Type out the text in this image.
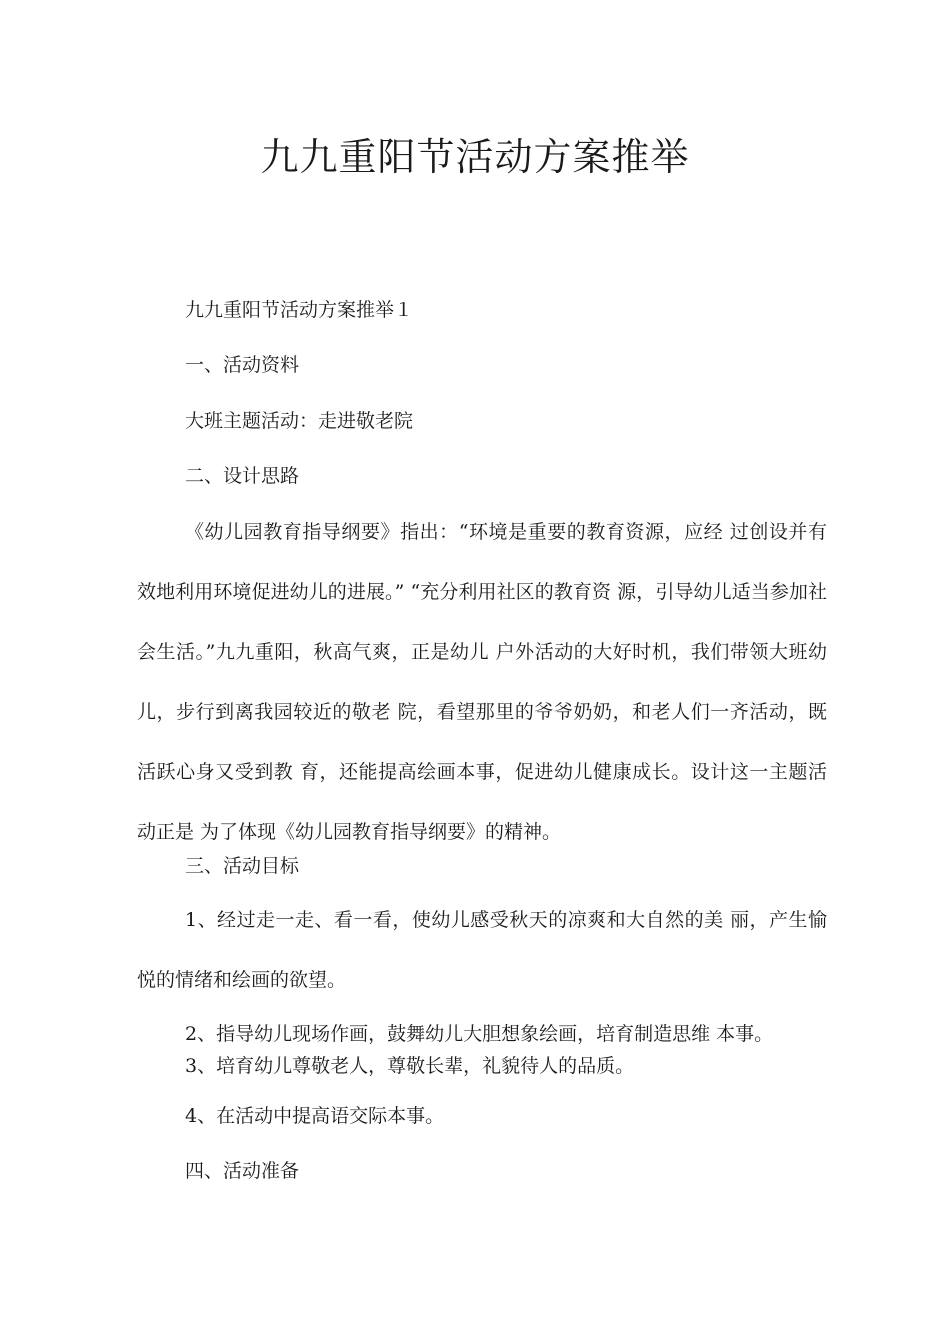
九九重阳节活动方案推举
九九重阳节活动方案推举１
一、活动资料
大班主题活动：走进敬老院
二、设计思路

《幼儿园教育指导纲要》指出：“环境是重要的教育资源，应经 过创设并有效地利用环境促进幼儿的进展。” “充分利用社区的教育资 源，引导幼儿适当参加社会生活。”九九重阳，秋高气爽，正是幼儿 户外活动的大好时机，我们带领大班幼儿，步行到离我园较近的敬老 院，看望那里的爷爷奶奶，和老人们一齐活动，既活跃心身又受到教 育，还能提高绘画本事，促进幼儿健康成长。设计这一主题活动正是 为了体现《幼儿园教育指导纲要》的精神。

三、活动目标

1、经过走一走、看一看，使幼儿感受秋天的凉爽和大自然的美 丽，产生愉悦的情绪和绘画的欲望。

2、指导幼儿现场作画，鼓舞幼儿大胆想象绘画，培育制造思维 本事。
3、培育幼儿尊敬老人，尊敬长辈，礼貌待人的品质。
4、在活动中提高语交际本事。
四、活动准备
